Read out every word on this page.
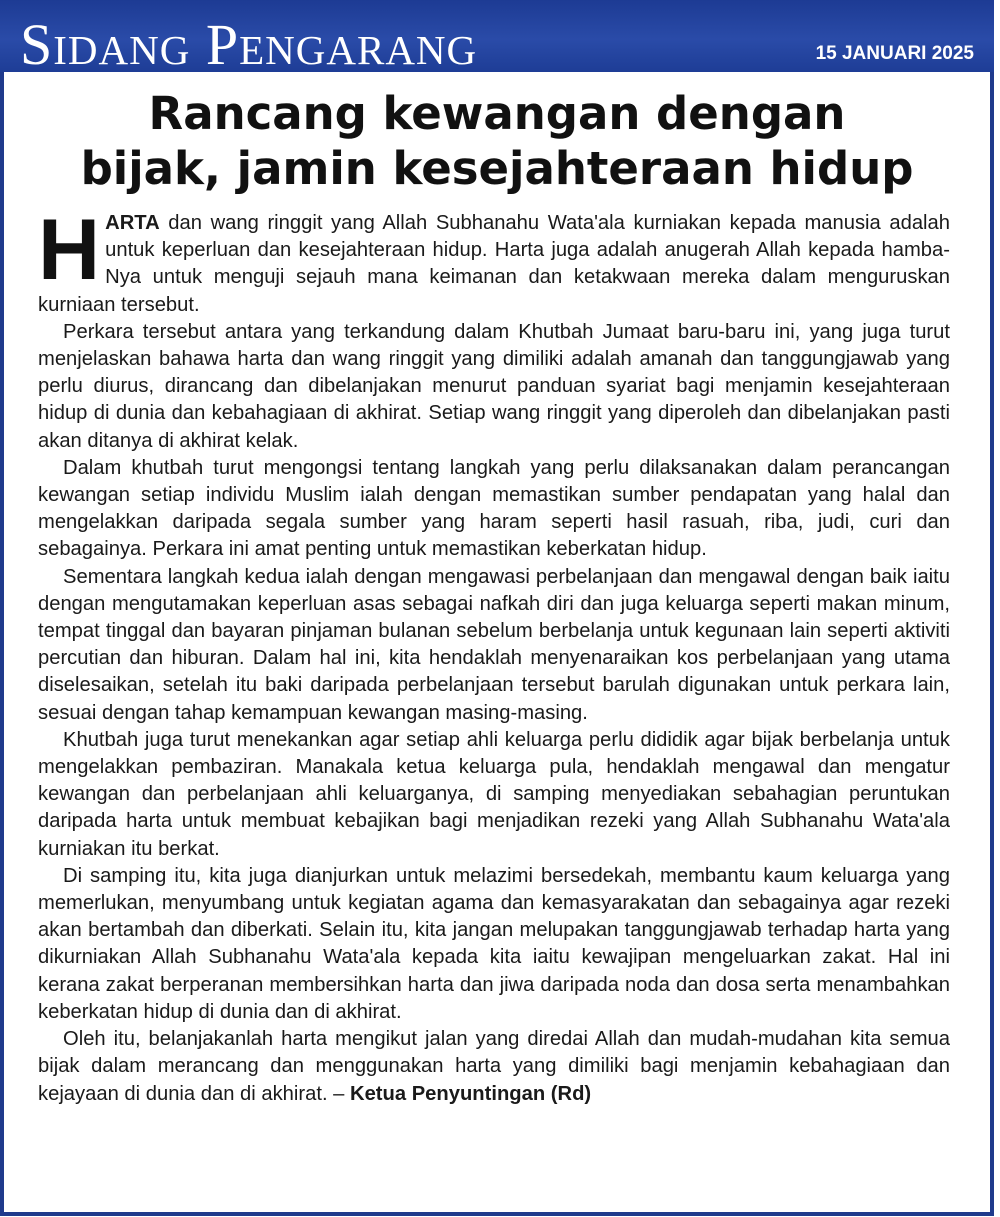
Sidang Pengarang	15 JANUARI 2025
Rancang kewangan dengan
bijak, jamin kesejahteraan hidup

HARTA dan wang ringgit yang Allah Subhanahu Wata'ala kurniakan kepada manusia adalah untuk keperluan dan kesejahteraan hidup. Harta juga adalah anugerah Allah kepada hamba-Nya untuk menguji sejauh mana keimanan dan ketakwaan mereka dalam menguruskan kurniaan tersebut.

Perkara tersebut antara yang terkandung dalam Khutbah Jumaat baru-baru ini, yang juga turut menjelaskan bahawa harta dan wang ringgit yang dimiliki adalah amanah dan tanggungjawab yang perlu diurus, dirancang dan dibelanjakan menurut panduan syariat bagi menjamin kesejahteraan hidup di dunia dan kebahagiaan di akhirat. Setiap wang ringgit yang diperoleh dan dibelanjakan pasti akan ditanya di akhirat kelak.

Dalam khutbah turut mengongsi tentang langkah yang perlu dilaksanakan dalam perancangan kewangan setiap individu Muslim ialah dengan memastikan sumber pendapatan yang halal dan mengelakkan daripada segala sumber yang haram seperti hasil rasuah, riba, judi, curi dan sebagainya. Perkara ini amat penting untuk memastikan keberkatan hidup.

Sementara langkah kedua ialah dengan mengawasi perbelanjaan dan mengawal dengan baik iaitu dengan mengutamakan keperluan asas sebagai nafkah diri dan juga keluarga seperti makan minum, tempat tinggal dan bayaran pinjaman bulanan sebelum berbelanja untuk kegunaan lain seperti aktiviti percutian dan hiburan. Dalam hal ini, kita hendaklah menyenaraikan kos perbelanjaan yang utama diselesaikan, setelah itu baki daripada perbelanjaan tersebut barulah digunakan untuk perkara lain, sesuai dengan tahap kemampuan kewangan masing-masing.

Khutbah juga turut menekankan agar setiap ahli keluarga perlu dididik agar bijak berbelanja untuk mengelakkan pembaziran. Manakala ketua keluarga pula, hendaklah mengawal dan mengatur kewangan dan perbelanjaan ahli keluarganya, di samping menyediakan sebahagian peruntukan daripada harta untuk membuat kebajikan bagi menjadikan rezeki yang Allah Subhanahu Wata'ala kurniakan itu berkat.

Di samping itu, kita juga dianjurkan untuk melazimi bersedekah, membantu kaum keluarga yang memerlukan, menyumbang untuk kegiatan agama dan kemasyarakatan dan sebagainya agar rezeki akan bertambah dan diberkati. Selain itu, kita jangan melupakan tanggungjawab terhadap harta yang dikurniakan Allah Subhanahu Wata'ala kepada kita iaitu kewajipan mengeluarkan zakat. Hal ini kerana zakat berperanan membersihkan harta dan jiwa daripada noda dan dosa serta menambahkan keberkatan hidup di dunia dan di akhirat.

Oleh itu, belanjakanlah harta mengikut jalan yang diredai Allah dan mudah-mudahan kita semua bijak dalam merancang dan menggunakan harta yang dimiliki bagi menjamin kebahagiaan dan kejayaan di dunia dan di akhirat. – Ketua Penyuntingan (Rd)
